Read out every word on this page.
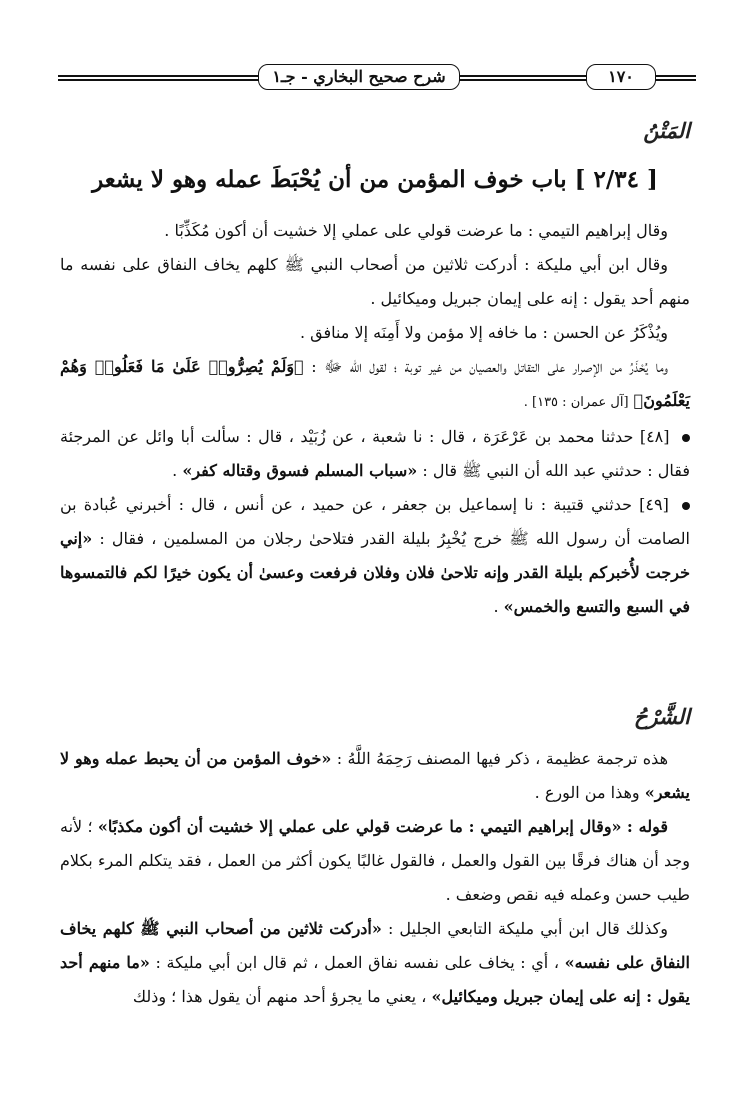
١٧٠
شرح صحيح البخاري - جـ١
المَتْنُ
[ ٢/٣٤ ] باب خوف المؤمن من أن يُحْبَطَ عمله وهو لا يشعر

وقال إبراهيم التيمي : ما عرضت قولي على عملي إلا خشيت أن أكون مُكَذِّبًا .

وقال ابن أبي مليكة : أدركت ثلاثين من أصحاب النبي ﷺ كلهم يخاف النفاق على نفسه ما منهم أحد يقول : إنه على إيمان جبريل وميكائيل .

ويُذْكَرُ عن الحسن : ما خافه إلا مؤمن ولا أَمِنَه إلا منافق .

وما يُحْذَرُ من الإصرار على التقاتل والعصيان من غير توبة ؛ لقول الله ﷻ : ﴿وَلَمْ يُصِرُّوا۟ عَلَىٰ مَا فَعَلُوا۟ وَهُمْ يَعْلَمُونَ﴾ [آل عمران : ١٣٥] .

[٤٨] حدثنا محمد بن عَرْعَرَة ، قال : نا شعبة ، عن زُبَيْد ، قال : سألت أبا وائل عن المرجئة فقال : حدثني عبد الله أن النبي ﷺ قال : «سباب المسلم فسوق وقتاله كفر» .

[٤٩] حدثني قتيبة : نا إسماعيل بن جعفر ، عن حميد ، عن أنس ، قال : أخبرني عُبادة بن الصامت أن رسول الله ﷺ خرج يُخْبِرُ بليلة القدر فتلاحىٰ رجلان من المسلمين ، فقال : «إني خرجت لأُخبركم بليلة القدر وإنه تلاحىٰ فلان وفلان فرفعت وعسىٰ أن يكون خيرًا لكم فالتمسوها في السبع والتسع والخمس» .

الشَّرْحُ

هذه ترجمة عظيمة ، ذكر فيها المصنف رَحِمَهُ اللَّهُ : «خوف المؤمن من أن يحبط عمله وهو لا يشعر» وهذا من الورع .

قوله : «وقال إبراهيم التيمي : ما عرضت قولي على عملي إلا خشيت أن أكون مكذبًا» ؛ لأنه وجد أن هناك فرقًا بين القول والعمل ، فالقول غالبًا يكون أكثر من العمل ، فقد يتكلم المرء بكلام طيب حسن وعمله فيه نقص وضعف .

وكذلك قال ابن أبي مليكة التابعي الجليل : «أدركت ثلاثين من أصحاب النبي ﷺ كلهم يخاف النفاق على نفسه» ، أي : يخاف على نفسه نفاق العمل ، ثم قال ابن أبي مليكة : «ما منهم أحد يقول : إنه على إيمان جبريل وميكائيل» ، يعني ما يجرؤ أحد منهم أن يقول هذا ؛ وذلك
